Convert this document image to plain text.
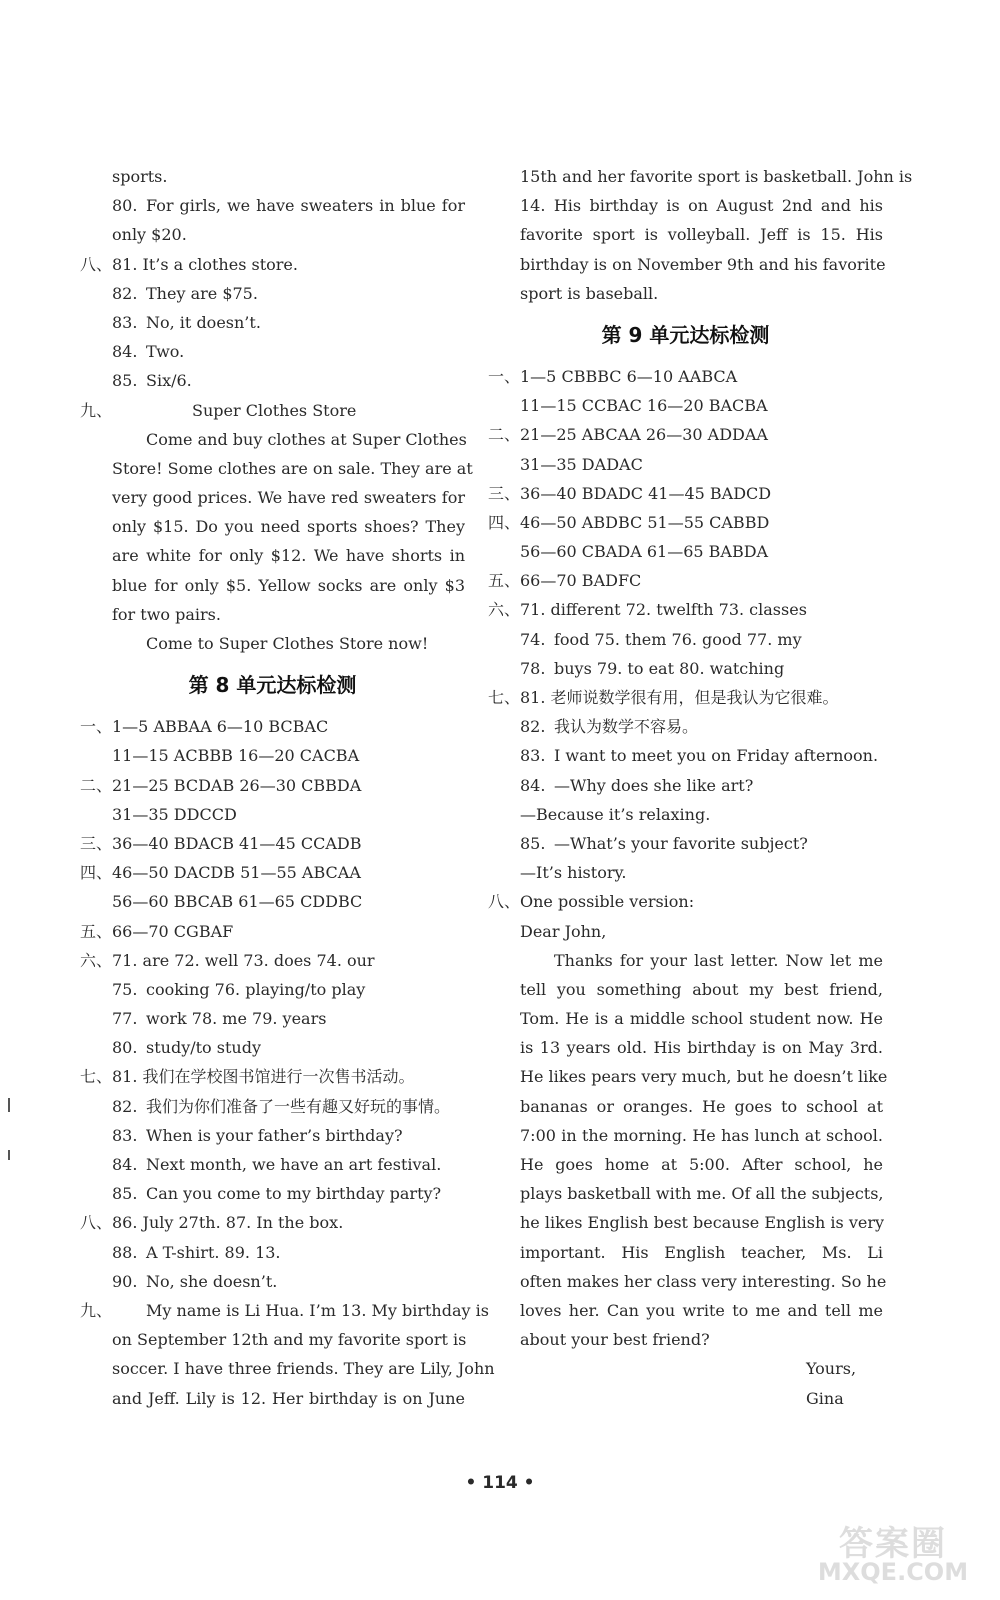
sports.
80. For girls, we have sweaters in blue for
only $20.
八、 81. It’s a clothes store.
82. They are $75.
83. No, it doesn’t.
84. Two.
85. Six/6.
九、	Super Clothes Store
Come and buy clothes at Super Clothes
Store! Some clothes are on sale. They are at
very good prices. We have red sweaters for
only $15. Do you need sports shoes? They
are white for only $12. We have shorts in
blue for only $5. Yellow socks are only $3
for two pairs.
Come to Super Clothes Store now!
第 8 单元达标检测
一、 1—5 ABBAA 6—10 BCBAC
11—15 ACBBB 16—20 CACBA
二、 21—25 BCDAB 26—30 CBBDA
31—35 DDCCD
三、 36—40 BDACB 41—45 CCADB
四、 46—50 DACDB 51—55 ABCAA
56—60 BBCAB 61—65 CDDBC
五、 66—70 CGBAF
六、 71. are 72. well 73. does 74. our
75. cooking 76. playing/to play
77. work 78. me 79. years
80. study/to study
七、 81. 我们在学校图书馆进行一次售书活动。
82. 我们为你们准备了一些有趣又好玩的事情。
83. When is your father’s birthday?
84. Next month, we have an art festival.
85. Can you come to my birthday party?
八、 86. July 27th. 87. In the box.
88. A T-shirt. 89. 13.
90. No, she doesn’t.
九、 My name is Li Hua. I’m 13. My birthday is
on September 12th and my favorite sport is
soccer. I have three friends. They are Lily, John
and Jeff. Lily is 12. Her birthday is on June
15th and her favorite sport is basketball. John is
14. His birthday is on August 2nd and his
favorite sport is volleyball. Jeff is 15. His
birthday is on November 9th and his favorite
sport is baseball.
第 9 单元达标检测
一、 1—5 CBBBC 6—10 AABCA
11—15 CCBAC 16—20 BACBA
二、 21—25 ABCAA 26—30 ADDAA
31—35 DADAC
三、 36—40 BDADC 41—45 BADCD
四、 46—50 ABDBC 51—55 CABBD
56—60 CBADA 61—65 BABDA
五、 66—70 BADFC
六、 71. different 72. twelfth 73. classes
74. food 75. them 76. good 77. my
78. buys 79. to eat 80. watching
七、 81. 老师说数学很有用，但是我认为它很难。
82. 我认为数学不容易。
83. I want to meet you on Friday afternoon.
84. —Why does she like art?
—Because it’s relaxing.
85. —What’s your favorite subject?
—It’s history.
八、 One possible version:
Dear John,
Thanks for your last letter. Now let me
tell you something about my best friend,
Tom. He is a middle school student now. He
is 13 years old. His birthday is on May 3rd.
He likes pears very much, but he doesn’t like
bananas or oranges. He goes to school at
7:00 in the morning. He has lunch at school.
He goes home at 5:00. After school, he
plays basketball with me. Of all the subjects,
he likes English best because English is very
important. His English teacher, Ms. Li
often makes her class very interesting. So he
loves her. Can you write to me and tell me
about your best friend?
Yours,
Gina
• 114 •
答案圈
MXQE.COM
